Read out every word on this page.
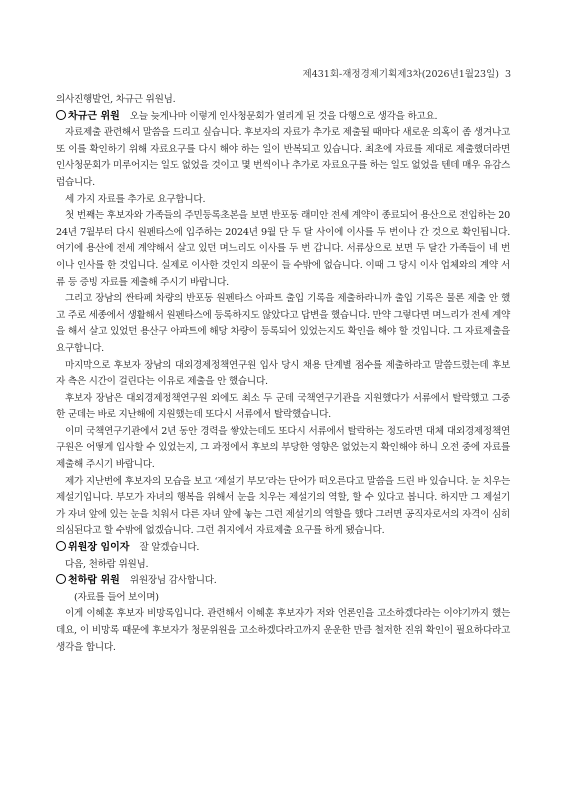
제431회-재정경제기획제3차(2026년1월23일) 3

의사진행발언, 차규근 위원님.

차규근 위원 오늘 늦게나마 이렇게 인사청문회가 열리게 된 것을 다행으로 생각을 하고요.

자료제출 관련해서 말씀을 드리고 싶습니다. 후보자의 자료가 추가로 제출될 때마다 새로운 의혹이 좀 생겨나고 또 이를 확인하기 위해 자료요구를 다시 해야 하는 일이 반복되고 있습니다. 최초에 자료를 제대로 제출했더라면 인사청문회가 미루어지는 일도 없었을 것이고 몇 번씩이나 추가로 자료요구를 하는 일도 없었을 텐데 매우 유감스럽습니다.

세 가지 자료를 추가로 요구합니다.

첫 번째는 후보자와 가족들의 주민등록초본을 보면 반포동 래미안 전세 계약이 종료되어 용산으로 전입하는 2024년 7월부터 다시 원펜타스에 입주하는 2024년 9월 단 두 달 사이에 이사를 두 번이나 간 것으로 확인됩니다. 여기에 용산에 전세 계약해서 살고 있던 며느리도 이사를 두 번 갑니다. 서류상으로 보면 두 달간 가족들이 네 번이나 인사를 한 것입니다. 실제로 이사한 것인지 의문이 들 수밖에 없습니다. 이때 그 당시 이사 업체와의 계약 서류 등 증빙 자료를 제출해 주시기 바랍니다.

그리고 장남의 싼타페 차량의 반포동 원펜타스 아파트 출입 기록을 제출하라니까 출입 기록은 물론 제출 안 했고 주로 세종에서 생활해서 원펜타스에 등록하지도 않았다고 답변을 했습니다. 만약 그렇다면 며느리가 전세 계약을 해서 살고 있었던 용산구 아파트에 해당 차량이 등록되어 있었는지도 확인을 해야 할 것입니다. 그 자료제출을 요구합니다.

마지막으로 후보자 장남의 대외경제정책연구원 입사 당시 채용 단계별 점수를 제출하라고 말씀드렸는데 후보자 측은 시간이 걸린다는 이유로 제출을 안 했습니다.

후보자 장남은 대외경제정책연구원 외에도 최소 두 군데 국책연구기관을 지원했다가 서류에서 탈락했고 그중 한 군데는 바로 지난해에 지원했는데 또다시 서류에서 탈락했습니다.

이미 국책연구기관에서 2년 동안 경력을 쌓았는데도 또다시 서류에서 탈락하는 정도라면 대체 대외경제정책연구원은 어떻게 입사할 수 있었는지, 그 과정에서 후보의 부당한 영향은 없었는지 확인해야 하니 오전 중에 자료를 제출해 주시기 바랍니다.

제가 지난번에 후보자의 모습을 보고 ‘제설기 부모’라는 단어가 떠오른다고 말씀을 드린 바 있습니다. 눈 치우는 제설기입니다. 부모가 자녀의 행복을 위해서 눈을 치우는 제설기의 역할, 할 수 있다고 봅니다. 하지만 그 제설기가 자녀 앞에 있는 눈을 치워서 다른 자녀 앞에 놓는 그런 제설기의 역할을 했다 그러면 공직자로서의 자격이 심히 의심된다고 할 수밖에 없겠습니다. 그런 취지에서 자료제출 요구를 하게 됐습니다.

위원장 임이자 잘 알겠습니다.

다음, 천하람 위원님.

천하람 위원 위원장님 감사합니다.

(자료를 들어 보이며)

이게 이혜훈 후보자 비망록입니다. 관련해서 이혜훈 후보자가 저와 언론인을 고소하겠다라는 이야기까지 했는데요, 이 비망록 때문에 후보자가 청문위원을 고소하겠다라고까지 운운한 만큼 철저한 진위 확인이 필요하다라고 생각을 합니다.
